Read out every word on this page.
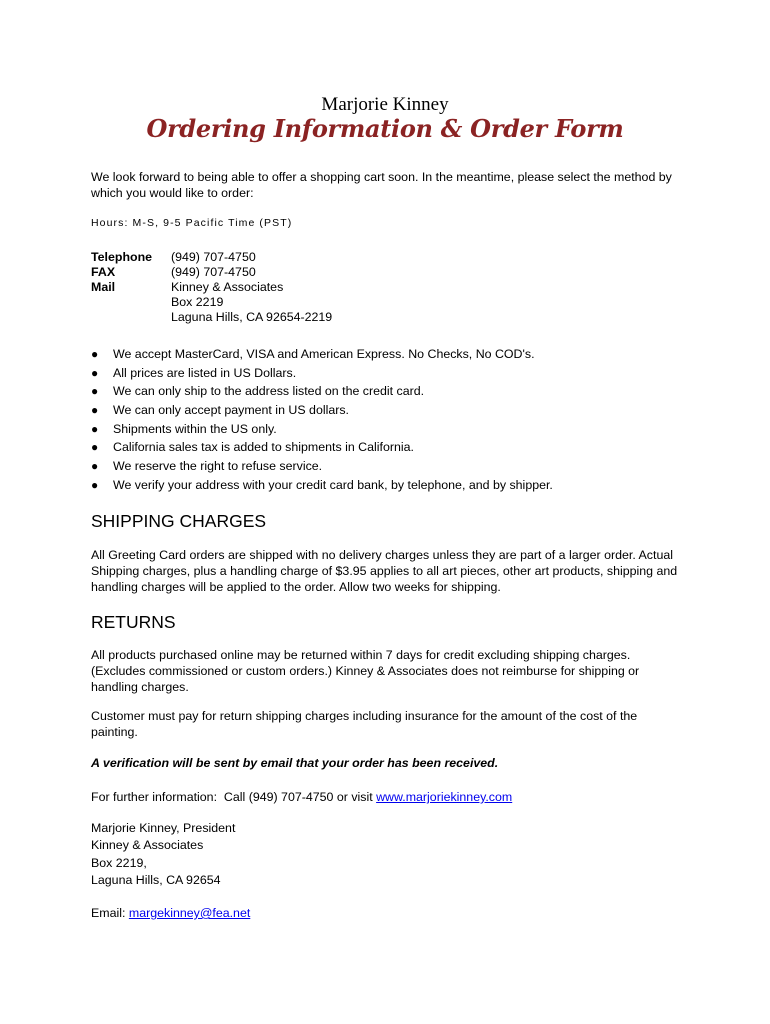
Marjorie Kinney
Ordering Information & Order Form

We look forward to being able to offer a shopping cart soon. In the meantime, please select the method by which you would like to order:

Hours: M-S, 9-5 Pacific Time (PST)
Telephone (949) 707-4750
FAX	(949) 707-4750
Mail	Kinney & Associates
Box 2219
Laguna Hills, CA 92654-2219
● We accept MasterCard, VISA and American Express. No Checks, No COD's.
● All prices are listed in US Dollars.
● We can only ship to the address listed on the credit card.
● We can only accept payment in US dollars.
● Shipments within the US only.
● California sales tax is added to shipments in California.
● We reserve the right to refuse service.
● We verify your address with your credit card bank, by telephone, and by shipper.
SHIPPING CHARGES

All Greeting Card orders are shipped with no delivery charges unless they are part of a larger order. Actual Shipping charges, plus a handling charge of $3.95 applies to all art pieces, other art products, shipping and handling charges will be applied to the order. Allow two weeks for shipping.

RETURNS

All products purchased online may be returned within 7 days for credit excluding shipping charges. (Excludes commissioned or custom orders.) Kinney & Associates does not reimburse for shipping or handling charges.

Customer must pay for return shipping charges including insurance for the amount of the cost of the painting.

A verification will be sent by email that your order has been received.
For further information:  Call (949) 707-4750 or visit www.marjoriekinney.com
Marjorie Kinney, President
Kinney & Associates
Box 2219,
Laguna Hills, CA 92654
Email: margekinney@fea.net
